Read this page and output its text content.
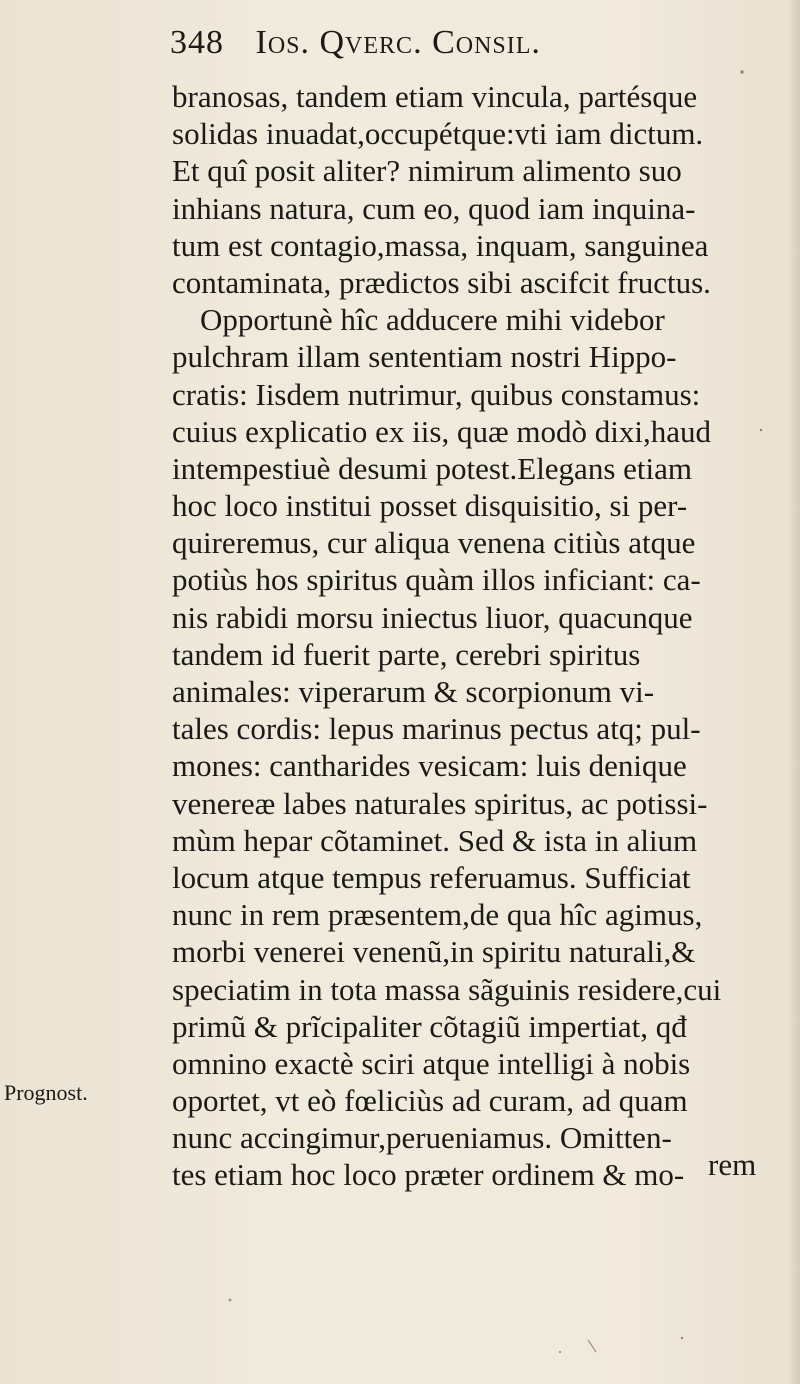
348 Ios. Qverc. Consil.
branosas, tandem etiam vincula, partésque
solidas inuadat,occupétque:vti iam dictum.
Et quî posit aliter? nimirum alimento suo
inhians natura, cum eo, quod iam inquina-
tum est contagio,massa, inquam, sanguinea
contaminata, prædictos sibi ascifcit fructus.
Opportunè hîc adducere mihi videbor
pulchram illam sententiam nostri Hippo-
cratis: Iisdem nutrimur, quibus constamus:
cuius explicatio ex iis, quæ modò dixi,haud
intempestiuè desumi potest.Elegans etiam
hoc loco institui posset disquisitio, si per-
quireremus, cur aliqua venena citiùs atque
potiùs hos spiritus quàm illos inficiant: ca-
nis rabidi morsu iniectus liuor, quacunque
tandem id fuerit parte, cerebri spiritus
animales: viperarum & scorpionum vi-
tales cordis: lepus marinus pectus atq; pul-
mones: cantharides vesicam: luis denique
venereæ labes naturales spiritus, ac potissi-
mùm hepar cõtaminet. Sed & ista in alium
locum atque tempus referuamus. Sufficiat
nunc in rem præsentem,de qua hîc agimus,
morbi venerei venenũ,in spiritu naturali,&
speciatim in tota massa sãguinis residere,cui
primũ & prĩcipaliter cõtagiũ impertiat, qđ
omnino exactè sciri atque intelligi à nobis
oportet, vt eò fœliciùs ad curam, ad quam
nunc accingimur,perueniamus. Omitten-
tes etiam hoc loco præter ordinem & mo- rem
Prognost.
